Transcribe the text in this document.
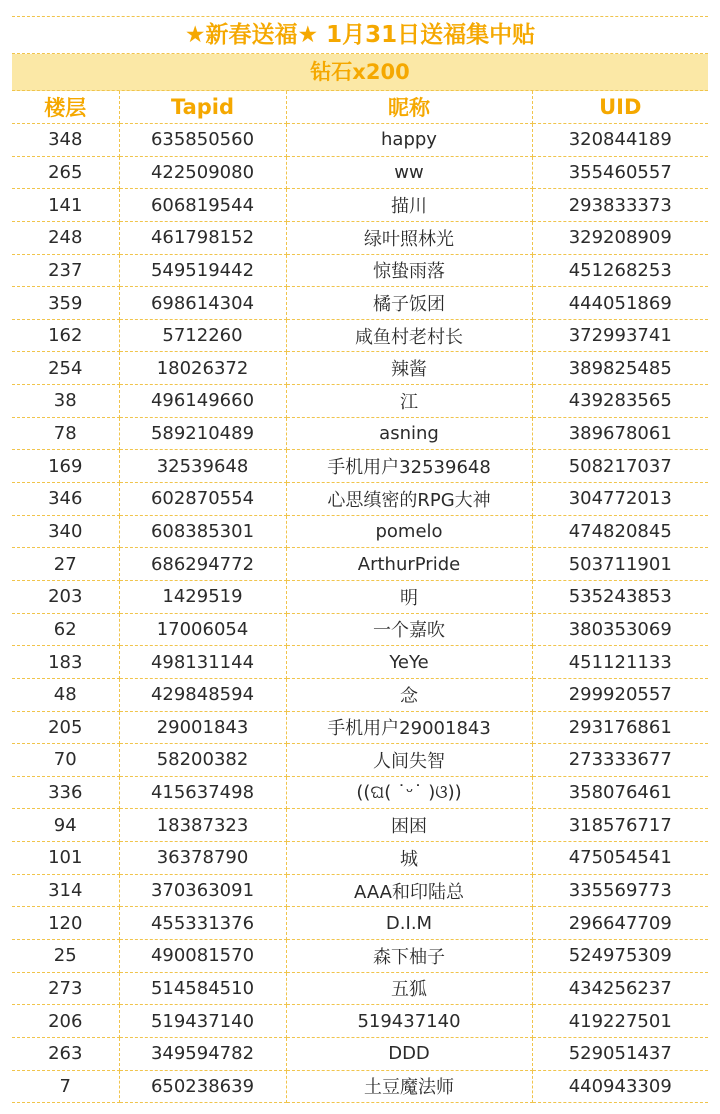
★新春送福★ 1月31日送福集中贴
钻石x200
楼层	Tapid	昵称	UID
348	635850560	happy	320844189
265	422509080	ww	355460557
141	606819544	描川	293833373
248	461798152	绿叶照林光	329208909
237	549519442	惊蛰雨落	451268253
359	698614304	橘子饭团	444051869
162	5712260	咸鱼村老村长	372993741
254	18026372	辣酱	389825485
38	496149660	江	439283565
78	589210489	asning	389678061
169	32539648	手机用户32539648	508217037
346	602870554	心思缜密的RPG大神	304772013
340	608385301	pomelo	474820845
27	686294772	ArthurPride	503711901
203	1429519	明	535243853
62	17006054	一个嘉吹	380353069
183	498131144	YeYe	451121133
48	429848594	念	299920557
205	29001843	手机用户29001843	293176861
70	58200382	人间失智	273333677
336	415637498	((ଘ( ˙ᵕ˙ )ଓ))	358076461
94	18387323	困困	318576717
101	36378790	城	475054541
314	370363091	AAA和印陆总	335569773
120	455331376	D.I.M	296647709
25	490081570	森下柚子	524975309
273	514584510	五狐	434256237
206	519437140	519437140	419227501
263	349594782	DDD	529051437
7	650238639	土豆魔法师	440943309
